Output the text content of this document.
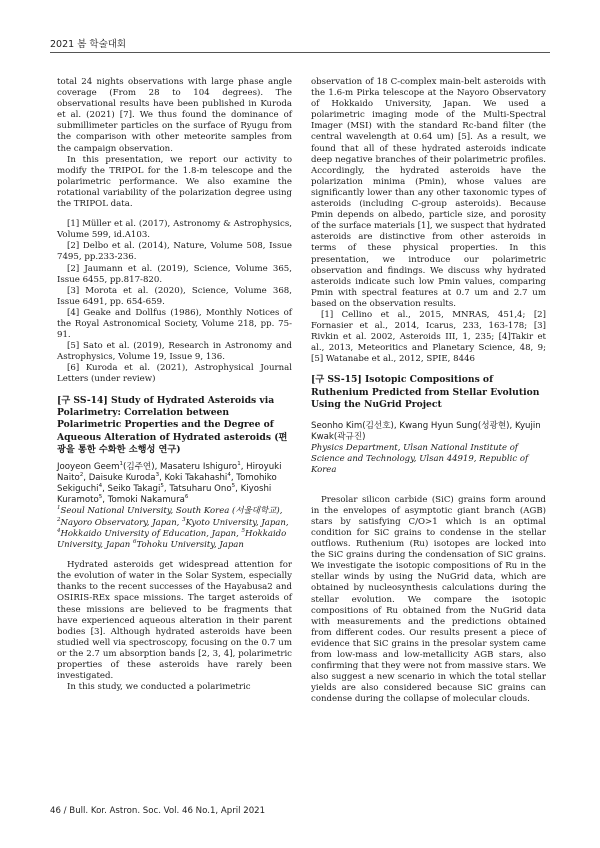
2021 봄 학술대회

total 24 nights observations with large phase angle coverage (From 28 to 104 degrees). The observational results have been published in Kuroda et al. (2021) [7]. We thus found the dominance of submillimeter particles on the surface of Ryugu from the comparison with other meteorite samples from the campaign observation.

In this presentation, we report our activity to modify the TRIPOL for the 1.8-m telescope and the polarimetric performance. We also examine the rotational variability of the polarization degree using the TRIPOL data.

[1] Müller et al. (2017), Astronomy & Astrophysics, Volume 599, id.A103.

[2] Delbo et al. (2014), Nature, Volume 508, Issue 7495, pp.233-236.

[2] Jaumann et al. (2019), Science, Volume 365, Issue 6455, pp.817-820.

[3] Morota et al. (2020), Science, Volume 368, Issue 6491, pp. 654-659.

[4] Geake and Dollfus (1986), Monthly Notices of the Royal Astronomical Society, Volume 218, pp. 75-91.

[5] Sato et al. (2019), Research in Astronomy and Astrophysics, Volume 19, Issue 9, 136.

[6] Kuroda et al. (2021), Astrophysical Journal Letters (under review)

[구 SS-14] Study of Hydrated Asteroids via Polarimetry: Correlation between Polarimetric Properties and the Degree of Aqueous Alteration of Hydrated asteroids (편광을 통한 수화한 소행성 연구)

Jooyeon Geem$^1$(김주연), Masateru Ishiguro$^1$, Hiroyuki Naito$^2$, Daisuke Kuroda$^3$, Koki Takahashi$^4$, Tomohiko Sekiguchi$^4$, Seiko Takagi$^5$, Tatsuharu Ono$^5$, Kiyoshi Kuramoto$^5$, Tomoki Nakamura$^6$

$^1$Seoul National University, South Korea (서울대학교), $^2$Nayoro Observatory, Japan, $^3$Kyoto University, Japan, $^4$Hokkaido University of Education, Japan, $^5$Hokkaido University, Japan $^6$Tohoku University, Japan

Hydrated asteroids get widespread attention for the evolution of water in the Solar System, especially thanks to the recent successes of the Hayabusa2 and OSIRIS-REx space missions. The target asteroids of these missions are believed to be fragments that have experienced aqueous alteration in their parent bodies [3]. Although hydrated asteroids have been studied well via spectroscopy, focusing on the 0.7 um or the 2.7 um absorption bands [2, 3, 4], polarimetric properties of these asteroids have rarely been investigated.

In this study, we conducted a polarimetric

observation of 18 C-complex main-belt asteroids with the 1.6-m Pirka telescope at the Nayoro Observatory of Hokkaido University, Japan. We used a polarimetric imaging mode of the Multi-Spectral Imager (MSI) with the standard Rc-band filter (the central wavelength at 0.64 um) [5]. As a result, we found that all of these hydrated asteroids indicate deep negative branches of their polarimetric profiles. Accordingly, the hydrated asteroids have the polarization minima (Pmin), whose values are significantly lower than any other taxonomic types of asteroids (including C-group asteroids). Because Pmin depends on albedo, particle size, and porosity of the surface materials [1], we suspect that hydrated asteroids are distinctive from other asteroids in terms of these physical properties. In this presentation, we introduce our polarimetric observation and findings. We discuss why hydrated asteroids indicate such low Pmin values, comparing Pmin with spectral features at 0.7 um and 2.7 um based on the observation results.

[1] Cellino et al., 2015, MNRAS, 451,4; [2] Fornasier et al., 2014, Icarus, 233, 163-178; [3] Rivkin et al. 2002, Asteroids III, 1, 235; [4]Takir et al., 2013, Meteoritics and Planetary Science, 48, 9; [5] Watanabe et al., 2012, SPIE, 8446

[구 SS-15] Isotopic Compositions of Ruthenium Predicted from Stellar Evolution Using the NuGrid Project

Seonho Kim(김선호), Kwang Hyun Sung(성광현), Kyujin Kwak(곽규진)

Physics Department, Ulsan National Institute of Science and Technology, Ulsan 44919, Republic of Korea

Presolar silicon carbide (SiC) grains form around in the envelopes of asymptotic giant branch (AGB) stars by satisfying C/O>1 which is an optimal condition for SiC grains to condense in the stellar outflows. Ruthenium (Ru) isotopes are locked into the SiC grains during the condensation of SiC grains. We investigate the isotopic compositions of Ru in the stellar winds by using the NuGrid data, which are obtained by nucleosynthesis calculations during the stellar evolution. We compare the isotopic compositions of Ru obtained from the NuGrid data with measurements and the predictions obtained from different codes. Our results present a piece of evidence that SiC grains in the presolar system came from low-mass and low-metallicity AGB stars, also confirming that they were not from massive stars. We also suggest a new scenario in which the total stellar yields are also considered because SiC grains can condense during the collapse of molecular clouds.

46 / Bull. Kor. Astron. Soc. Vol. 46 No.1, April 2021
